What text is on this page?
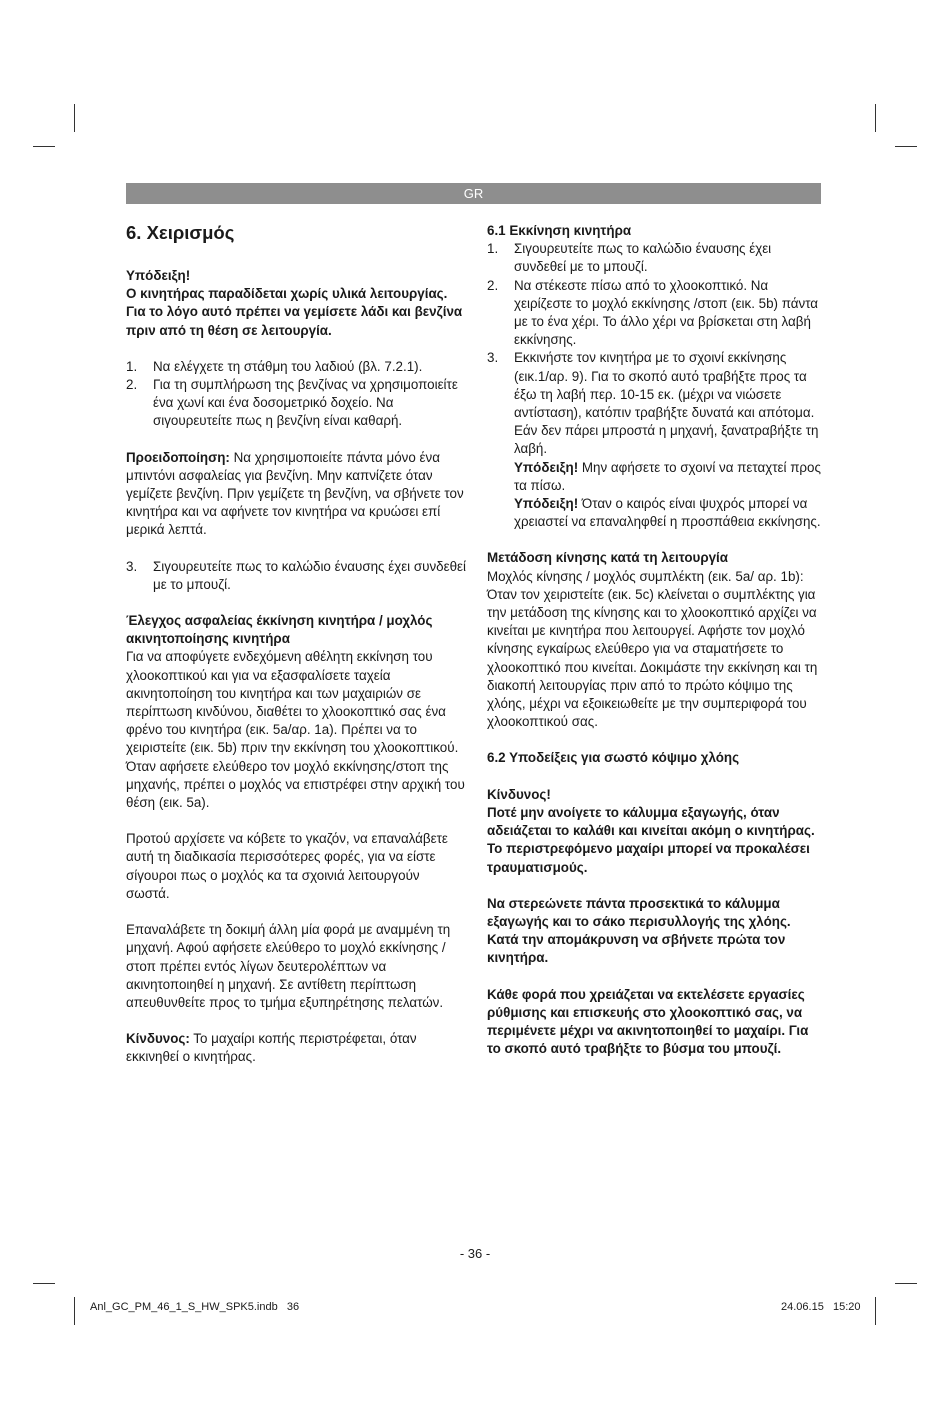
GR
6. Χειρισμός

Υπόδειξη!

Ο κινητήρας παραδίδεται χωρίς υλικά λειτουργίας. Για το λόγο αυτό πρέπει να γεμίσετε λάδι και βενζίνα πριν από τη θέση σε λειτουργία.

1. Να ελέγχετε τη στάθμη του λαδιού (βλ. 7.2.1).
2. Για τη συμπλήρωση της βενζίνας να χρησιμοποιείτε ένα χωνί και ένα δοσομετρικό δοχείο. Να σιγουρευτείτε πως η βενζίνη είναι καθαρή.

Προειδοποίηση: Να χρησιμοποιείτε πάντα μόνο ένα μπιντόνι ασφαλείας για βενζίνη. Μην καπνίζετε όταν γεμίζετε βενζίνη. Πριν γεμίζετε τη βενζίνη, να σβήνετε τον κινητήρα και να αφήνετε τον κινητήρα να κρυώσει επί μερικά λεπτά.

3. Σιγουρευτείτε πως το καλώδιο έναυσης έχει συνδεθεί με το μπουζί.

Έλεγχος ασφαλείας έκκίνηση κινητήρα / μοχλός ακινητοποίησης κινητήρα

Για να αποφύγετε ενδεχόμενη αθέλητη εκκίνηση του χλοοκοπτικού και για να εξασφαλίσετε ταχεία ακινητοποίηση του κινητήρα και των μαχαιριών σε περίπτωση κινδύνου, διαθέτει το χλοοκοπτικό σας ένα φρένο του κινητήρα (εικ. 5a/αρ. 1a). Πρέπει να το χειριστείτε (εικ. 5b) πριν την εκκίνηση του χλοοκοπτικού. Όταν αφήσετε ελεύθερο τον μοχλό εκκίνησης/στοπ της μηχανής, πρέπει ο μοχλός να επιστρέφει στην αρχική του θέση (εικ. 5a).

Προτού αρχίσετε να κόβετε το γκαζόν, να επαναλάβετε αυτή τη διαδικασία περισσότερες φορές, για να είστε σίγουροι πως ο μοχλός κα τα σχοινιά λειτουργούν σωστά.

Επαναλάβετε τη δοκιμή άλλη μία φορά με αναμμένη τη μηχανή. Αφού αφήσετε ελεύθερο το μοχλό εκκίνησης / στοπ πρέπει εντός λίγων δευτερολέπτων να ακινητοποιηθεί η μηχανή. Σε αντίθετη περίπτωση απευθυνθείτε προς το τμήμα εξυπηρέτησης πελατών.

Κίνδυνος: Το μαχαίρι κοπής περιστρέφεται, όταν εκκινηθεί ο κινητήρας.

6.1 Εκκίνηση κινητήρα

1. Σιγουρευτείτε πως το καλώδιο έναυσης έχει συνδεθεί με το μπουζί.
2. Να στέκεστε πίσω από το χλοοκοπτικό. Να χειρίζεστε το μοχλό εκκίνησης /στοπ (εικ. 5b) πάντα με το ένα χέρι. Το άλλο χέρι να βρίσκεται στη λαβή εκκίνησης.
3. Εκκινήστε τον κινητήρα με το σχοινί εκκίνησης (εικ.1/αρ. 9). Για το σκοπό αυτό τραβήξτε προς τα έξω τη λαβή περ. 10-15 εκ. (μέχρι να νιώσετε αντίσταση), κατόπιν τραβήξτε δυνατά και απότομα. Εάν δεν πάρει μπροστά η μηχανή, ξανατραβήξτε τη λαβή.

Υπόδειξη! Μην αφήσετε το σχοινί να πεταχτεί προς τα πίσω.

Υπόδειξη! Όταν ο καιρός είναι ψυχρός μπορεί να χρειαστεί να επαναληφθεί η προσπάθεια εκκίνησης.

Μετάδοση κίνησης κατά τη λειτουργία

Μοχλός κίνησης / μοχλός συμπλέκτη (εικ. 5a/ αρ. 1b):

Όταν τον χειριστείτε (εικ. 5c) κλείνεται ο συμπλέκτης για την μετάδοση της κίνησης και το χλοοκοπτικό αρχίζει να κινείται με κινητήρα που λειτουργεί. Αφήστε τον μοχλό κίνησης εγκαίρως ελεύθερο για να σταματήσετε το χλοοκοπτικό που κινείται. Δοκιμάστε την εκκίνηση και τη διακοπή λειτουργίας πριν από το πρώτο κόψιμο της χλόης, μέχρι να εξοικειωθείτε με την συμπεριφορά του χλοοκοπτικού σας.

6.2 Υποδείξεις για σωστό κόψιμο χλόης

Κίνδυνος!

Ποτέ μην ανοίγετε το κάλυμμα εξαγωγής, όταν αδειάζεται το καλάθι και κινείται ακόμη ο κινητήρας. Το περιστρεφόμενο μαχαίρι μπορεί να προκαλέσει τραυματισμούς.

Να στερεώνετε πάντα προσεκτικά το κάλυμμα εξαγωγής και το σάκο περισυλλογής της χλόης. Κατά την απομάκρυνση να σβήνετε πρώτα τον κινητήρα.

Κάθε φορά που χρειάζεται να εκτελέσετε εργασίες ρύθμισης και επισκευής στο χλοοκοπτικό σας, να περιμένετε μέχρι να ακινητοποιηθεί το μαχαίρι. Για το σκοπό αυτό τραβήξτε το βύσμα του μπουζί.

- 36 -
Anl_GC_PM_46_1_S_HW_SPK5.indb   36	24.06.15   15:20
